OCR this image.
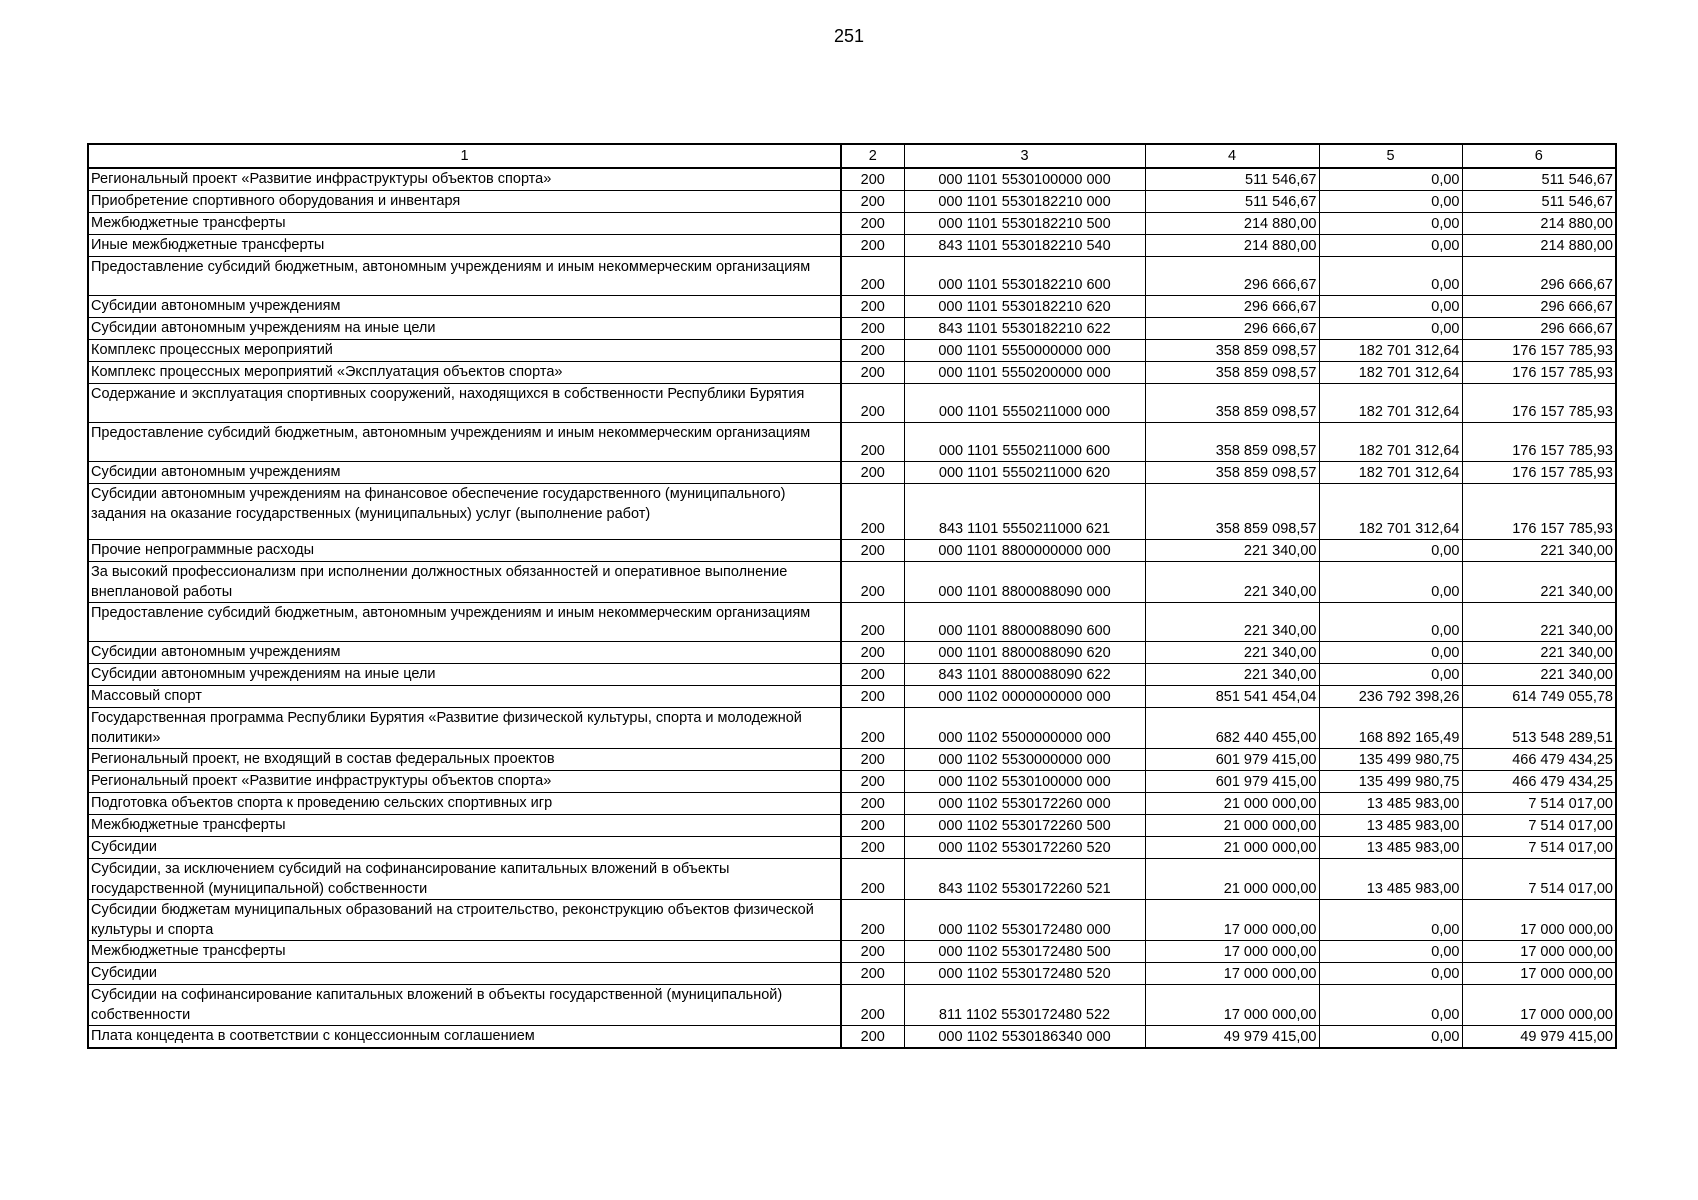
251
1	2	3	4	5	6
Региональный проект «Развитие инфраструктуры объектов спорта»	200	000 1101 5530100000 000	511 546,67	0,00	511 546,67
Приобретение спортивного оборудования и инвентаря	200	000 1101 5530182210 000	511 546,67	0,00	511 546,67
Межбюджетные трансферты	200	000 1101 5530182210 500	214 880,00	0,00	214 880,00
Иные межбюджетные трансферты	200	843 1101 5530182210 540	214 880,00	0,00	214 880,00
Предоставление субсидий бюджетным, автономным учреждениям и иным некоммерческим организациям	200	000 1101 5530182210 600	296 666,67	0,00	296 666,67
Субсидии автономным учреждениям	200	000 1101 5530182210 620	296 666,67	0,00	296 666,67
Субсидии автономным учреждениям на иные цели	200	843 1101 5530182210 622	296 666,67	0,00	296 666,67
Комплекс процессных мероприятий	200	000 1101 5550000000 000	358 859 098,57	182 701 312,64	176 157 785,93
Комплекс процессных мероприятий «Эксплуатация объектов спорта»	200	000 1101 5550200000 000	358 859 098,57	182 701 312,64	176 157 785,93
Содержание и эксплуатация спортивных сооружений, находящихся в собственности Республики Бурятия	200	000 1101 5550211000 000	358 859 098,57	182 701 312,64	176 157 785,93
Предоставление субсидий бюджетным, автономным учреждениям и иным некоммерческим организациям	200	000 1101 5550211000 600	358 859 098,57	182 701 312,64	176 157 785,93
Субсидии автономным учреждениям	200	000 1101 5550211000 620	358 859 098,57	182 701 312,64	176 157 785,93
Субсидии автономным учреждениям на финансовое обеспечение государственного (муниципального) задания на оказание государственных (муниципальных) услуг (выполнение работ)	200	843 1101 5550211000 621	358 859 098,57	182 701 312,64	176 157 785,93
Прочие непрограммные расходы	200	000 1101 8800000000 000	221 340,00	0,00	221 340,00
За высокий профессионализм при исполнении должностных обязанностей и оперативное выполнение внеплановой работы	200	000 1101 8800088090 000	221 340,00	0,00	221 340,00
Предоставление субсидий бюджетным, автономным учреждениям и иным некоммерческим организациям	200	000 1101 8800088090 600	221 340,00	0,00	221 340,00
Субсидии автономным учреждениям	200	000 1101 8800088090 620	221 340,00	0,00	221 340,00
Субсидии автономным учреждениям на иные цели	200	843 1101 8800088090 622	221 340,00	0,00	221 340,00
Массовый спорт	200	000 1102 0000000000 000	851 541 454,04	236 792 398,26	614 749 055,78
Государственная программа Республики Бурятия «Развитие физической культуры, спорта и молодежной политики»	200	000 1102 5500000000 000	682 440 455,00	168 892 165,49	513 548 289,51
Региональный проект, не входящий в состав федеральных проектов	200	000 1102 5530000000 000	601 979 415,00	135 499 980,75	466 479 434,25
Региональный проект «Развитие инфраструктуры объектов спорта»	200	000 1102 5530100000 000	601 979 415,00	135 499 980,75	466 479 434,25
Подготовка объектов спорта к проведению сельских спортивных игр	200	000 1102 5530172260 000	21 000 000,00	13 485 983,00	7 514 017,00
Межбюджетные трансферты	200	000 1102 5530172260 500	21 000 000,00	13 485 983,00	7 514 017,00
Субсидии	200	000 1102 5530172260 520	21 000 000,00	13 485 983,00	7 514 017,00
Субсидии, за исключением субсидий на софинансирование капитальных вложений в объекты государственной (муниципальной) собственности	200	843 1102 5530172260 521	21 000 000,00	13 485 983,00	7 514 017,00
Субсидии бюджетам муниципальных образований на строительство, реконструкцию объектов физической культуры и спорта	200	000 1102 5530172480 000	17 000 000,00	0,00	17 000 000,00
Межбюджетные трансферты	200	000 1102 5530172480 500	17 000 000,00	0,00	17 000 000,00
Субсидии	200	000 1102 5530172480 520	17 000 000,00	0,00	17 000 000,00
Субсидии на софинансирование капитальных вложений в объекты государственной (муниципальной) собственности	200	811 1102 5530172480 522	17 000 000,00	0,00	17 000 000,00
Плата концедента в соответствии с концессионным соглашением	200	000 1102 5530186340 000	49 979 415,00	0,00	49 979 415,00
